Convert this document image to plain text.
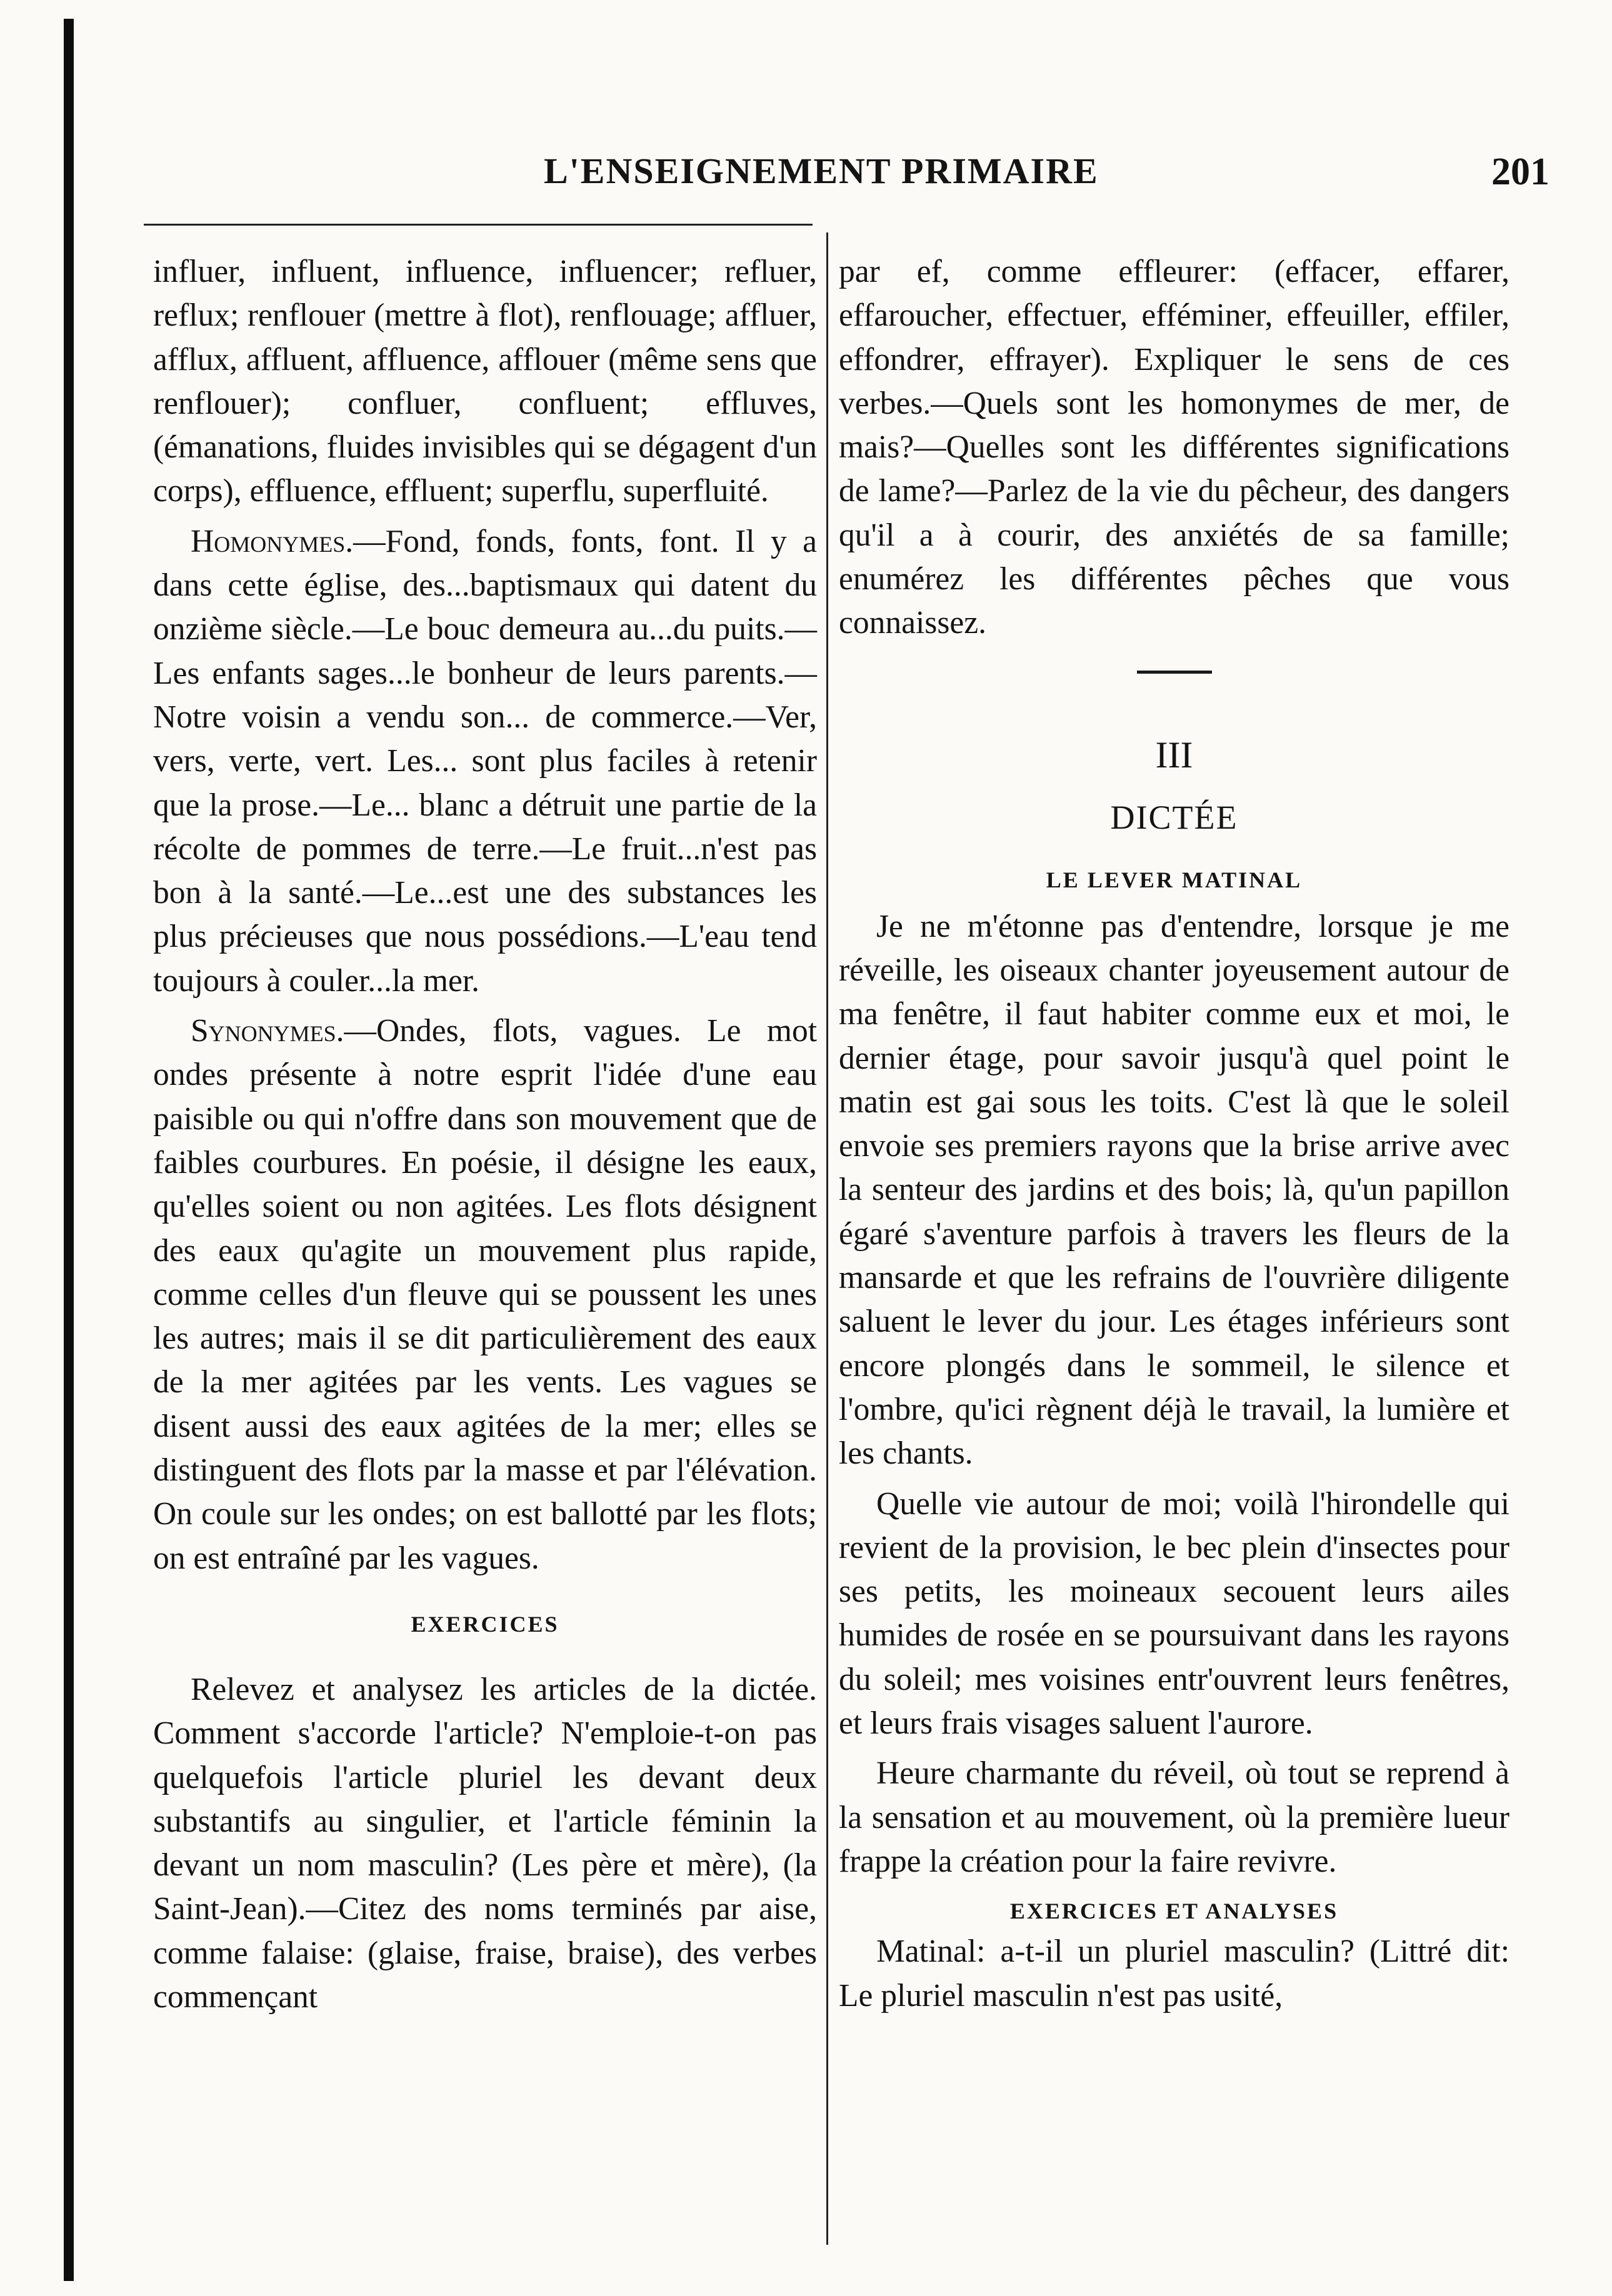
L'ENSEIGNEMENT PRIMAIRE	201

influer, influent, influence, influencer; refluer, reflux; renflouer (mettre à flot), renflouage; affluer, afflux, affluent, affluence, afflouer (même sens que renflouer); confluer, confluent; effluves, (émanations, fluides invisibles qui se dégagent d'un corps), effluence, effluent; superflu, superfluité.

Homonymes.—Fond, fonds, fonts, font. Il y a dans cette église, des...baptismaux qui datent du onzième siècle.—Le bouc demeura au...du puits.—Les enfants sages...le bonheur de leurs parents.—Notre voisin a vendu son... de commerce.—Ver, vers, verte, vert. Les... sont plus faciles à retenir que la prose.—Le... blanc a détruit une partie de la récolte de pommes de terre.—Le fruit...n'est pas bon à la santé.—Le...est une des substances les plus précieuses que nous possédions.—L'eau tend toujours à couler...la mer.

Synonymes.—Ondes, flots, vagues. Le mot ondes présente à notre esprit l'idée d'une eau paisible ou qui n'offre dans son mouvement que de faibles courbures. En poésie, il désigne les eaux, qu'elles soient ou non agitées. Les flots désignent des eaux qu'agite un mouvement plus rapide, comme celles d'un fleuve qui se poussent les unes les autres; mais il se dit particulièrement des eaux de la mer agitées par les vents. Les vagues se disent aussi des eaux agitées de la mer; elles se distinguent des flots par la masse et par l'élévation. On coule sur les ondes; on est ballotté par les flots; on est entraîné par les vagues.

EXERCICES

Relevez et analysez les articles de la dictée. Comment s'accorde l'article? N'emploie-t-on pas quelquefois l'article pluriel les devant deux substantifs au singulier, et l'article féminin la devant un nom masculin? (Les père et mère), (la Saint-Jean).—Citez des noms terminés par aise, comme falaise: (glaise, fraise, braise), des verbes commençant

par ef, comme effleurer: (effacer, effarer, effaroucher, effectuer, efféminer, effeuiller, effiler, effondrer, effrayer). Expliquer le sens de ces verbes.—Quels sont les homonymes de mer, de mais?—Quelles sont les différentes significations de lame?—Parlez de la vie du pêcheur, des dangers qu'il a à courir, des anxiétés de sa famille; enumérez les différentes pêches que vous connaissez.

III
DICTÉE
LE LEVER MATINAL

Je ne m'étonne pas d'entendre, lorsque je me réveille, les oiseaux chanter joyeusement autour de ma fenêtre, il faut habiter comme eux et moi, le dernier étage, pour savoir jusqu'à quel point le matin est gai sous les toits. C'est là que le soleil envoie ses premiers rayons que la brise arrive avec la senteur des jardins et des bois; là, qu'un papillon égaré s'aventure parfois à travers les fleurs de la mansarde et que les refrains de l'ouvrière diligente saluent le lever du jour. Les étages inférieurs sont encore plongés dans le sommeil, le silence et l'ombre, qu'ici règnent déjà le travail, la lumière et les chants.

Quelle vie autour de moi; voilà l'hirondelle qui revient de la provision, le bec plein d'insectes pour ses petits, les moineaux secouent leurs ailes humides de rosée en se poursuivant dans les rayons du soleil; mes voisines entr'ouvrent leurs fenêtres, et leurs frais visages saluent l'aurore.

Heure charmante du réveil, où tout se reprend à la sensation et au mouvement, où la première lueur frappe la création pour la faire revivre.

EXERCICES ET ANALYSES

Matinal: a-t-il un pluriel masculin? (Littré dit: Le pluriel masculin n'est pas usité,
